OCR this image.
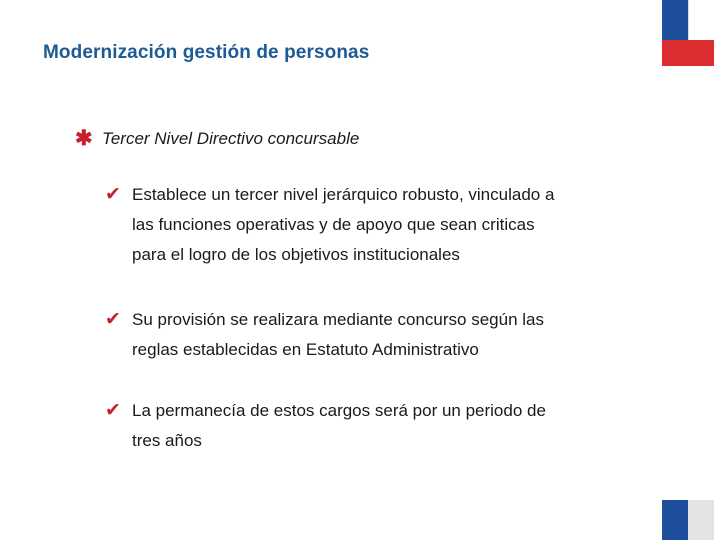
Modernización gestión de personas
✱ Tercer Nivel Directivo concursable
✔ Establece un tercer nivel jerárquico robusto, vinculado a
las funciones operativas y de apoyo que sean criticas
para el logro de los objetivos institucionales
✔ Su provisión se realizara mediante concurso según las
reglas establecidas en Estatuto Administrativo
✔ La permanecía de estos cargos será por un periodo de
tres años
